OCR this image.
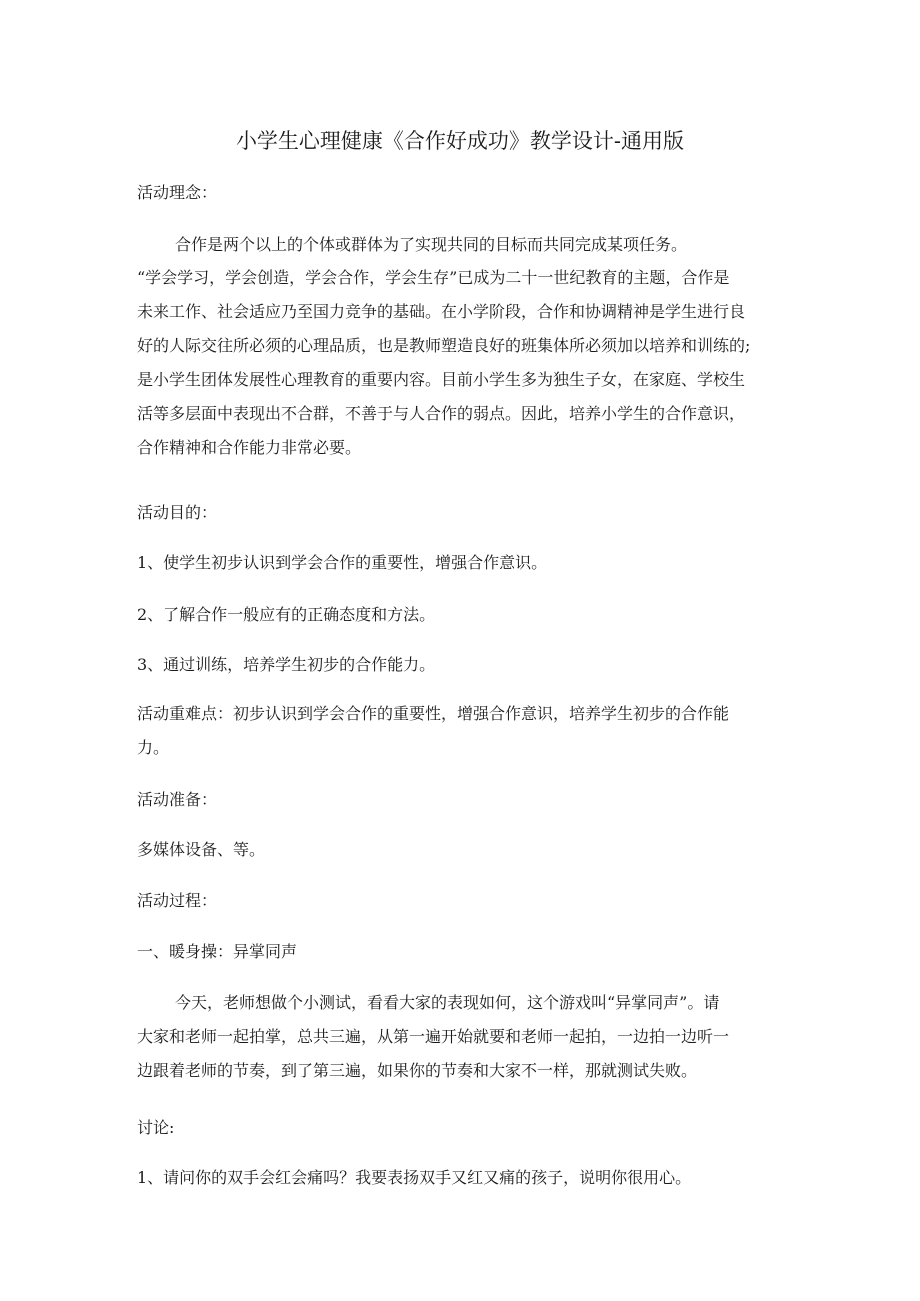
小学生心理健康《合作好成功》教学设计-通用版
活动理念：
合作是两个以上的个体或群体为了实现共同的目标而共同完成某项任务。
“学会学习，学会创造，学会合作，学会生存”已成为二十一世纪教育的主题，合作是
未来工作、社会适应乃至国力竞争的基础。在小学阶段，合作和协调精神是学生进行良
好的人际交往所必须的心理品质，也是教师塑造良好的班集体所必须加以培养和训练的;
是小学生团体发展性心理教育的重要内容。目前小学生多为独生子女，在家庭、学校生
活等多层面中表现出不合群，不善于与人合作的弱点。因此，培养小学生的合作意识，
合作精神和合作能力非常必要。
活动目的：
1、使学生初步认识到学会合作的重要性，增强合作意识。
2、了解合作一般应有的正确态度和方法。
3、通过训练，培养学生初步的合作能力。
活动重难点：初步认识到学会合作的重要性，增强合作意识，培养学生初步的合作能
力。
活动准备：
多媒体设备、等。
活动过程：
一、暖身操：异掌同声
今天，老师想做个小测试，看看大家的表现如何，这个游戏叫“异掌同声”。请
大家和老师一起拍掌，总共三遍，从第一遍开始就要和老师一起拍，一边拍一边听一
边跟着老师的节奏，到了第三遍，如果你的节奏和大家不一样，那就测试失败。
讨论:
1、请问你的双手会红会痛吗？我要表扬双手又红又痛的孩子，说明你很用心。
